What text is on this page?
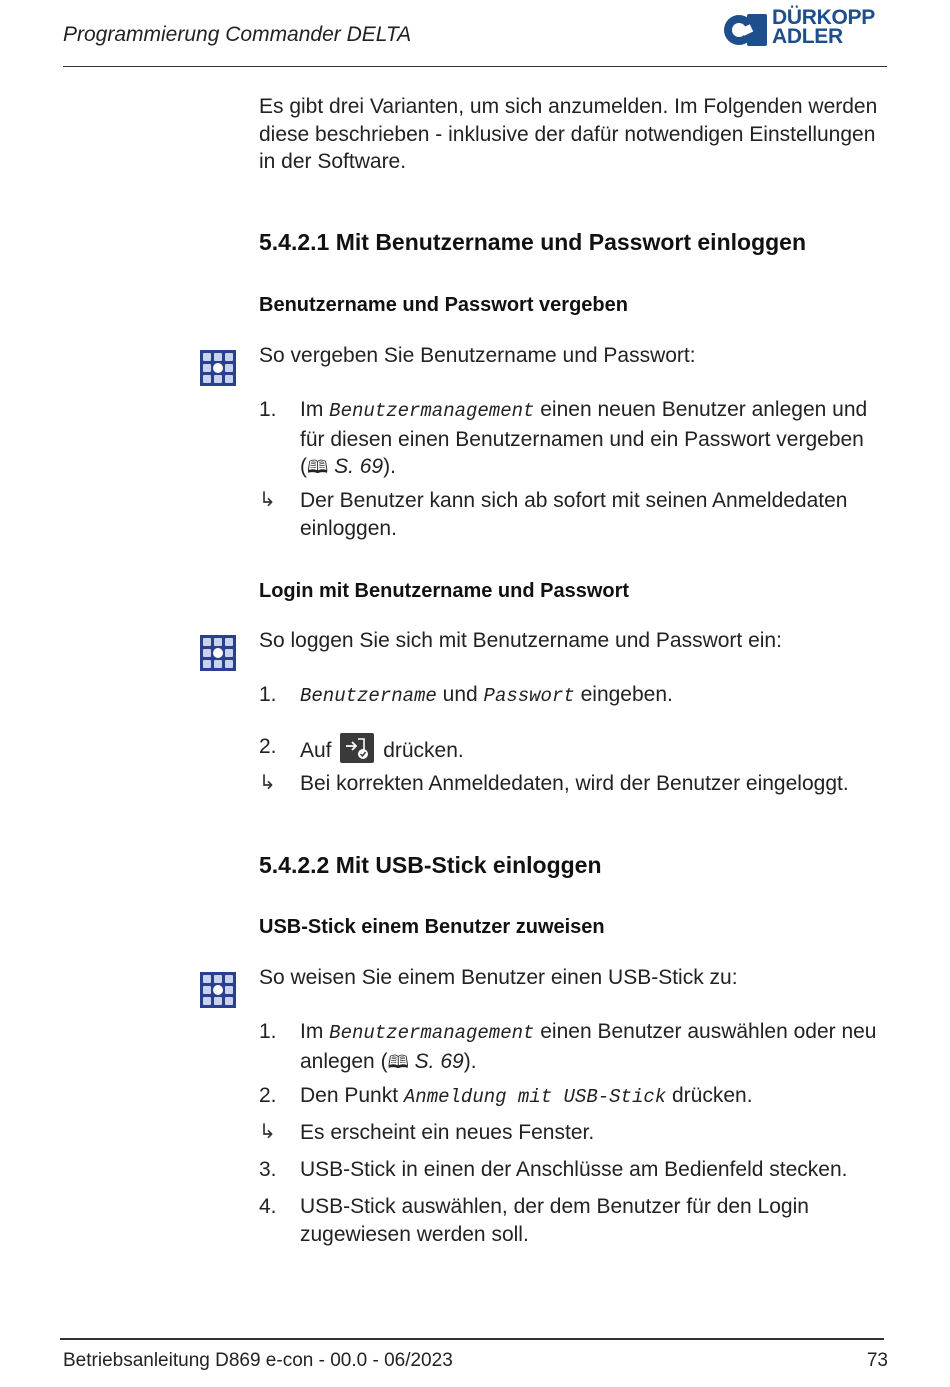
Programmierung Commander DELTA
DÜRKOPP
ADLER
Es gibt drei Varianten, um sich anzumelden. Im Folgenden werden diese beschrieben - inklusive der dafür notwendigen Einstellungen in der Software.
5.4.2.1 Mit Benutzername und Passwort einloggen
Benutzername und Passwort vergeben
So vergeben Sie Benutzername und Passwort:
1.	Im Benutzermanagement einen neuen Benutzer anlegen und für diesen einen Benutzernamen und ein Passwort vergeben (🕮 S. 69).
↳	Der Benutzer kann sich ab sofort mit seinen Anmeldedaten einloggen.
Login mit Benutzername und Passwort
So loggen Sie sich mit Benutzername und Passwort ein:
1.	Benutzername und Passwort eingeben.
2.	Auf  drücken.
↳	Bei korrekten Anmeldedaten, wird der Benutzer eingeloggt.
5.4.2.2 Mit USB-Stick einloggen
USB-Stick einem Benutzer zuweisen
So weisen Sie einem Benutzer einen USB-Stick zu:
1.	Im Benutzermanagement einen Benutzer auswählen oder neu anlegen (🕮 S. 69).
2.	Den Punkt Anmeldung mit USB-Stick drücken.
↳	Es erscheint ein neues Fenster.
3.	USB-Stick in einen der Anschlüsse am Bedienfeld stecken.
4.	USB-Stick auswählen, der dem Benutzer für den Login zugewiesen werden soll.
Betriebsanleitung D869 e-con - 00.0 - 06/2023	73
